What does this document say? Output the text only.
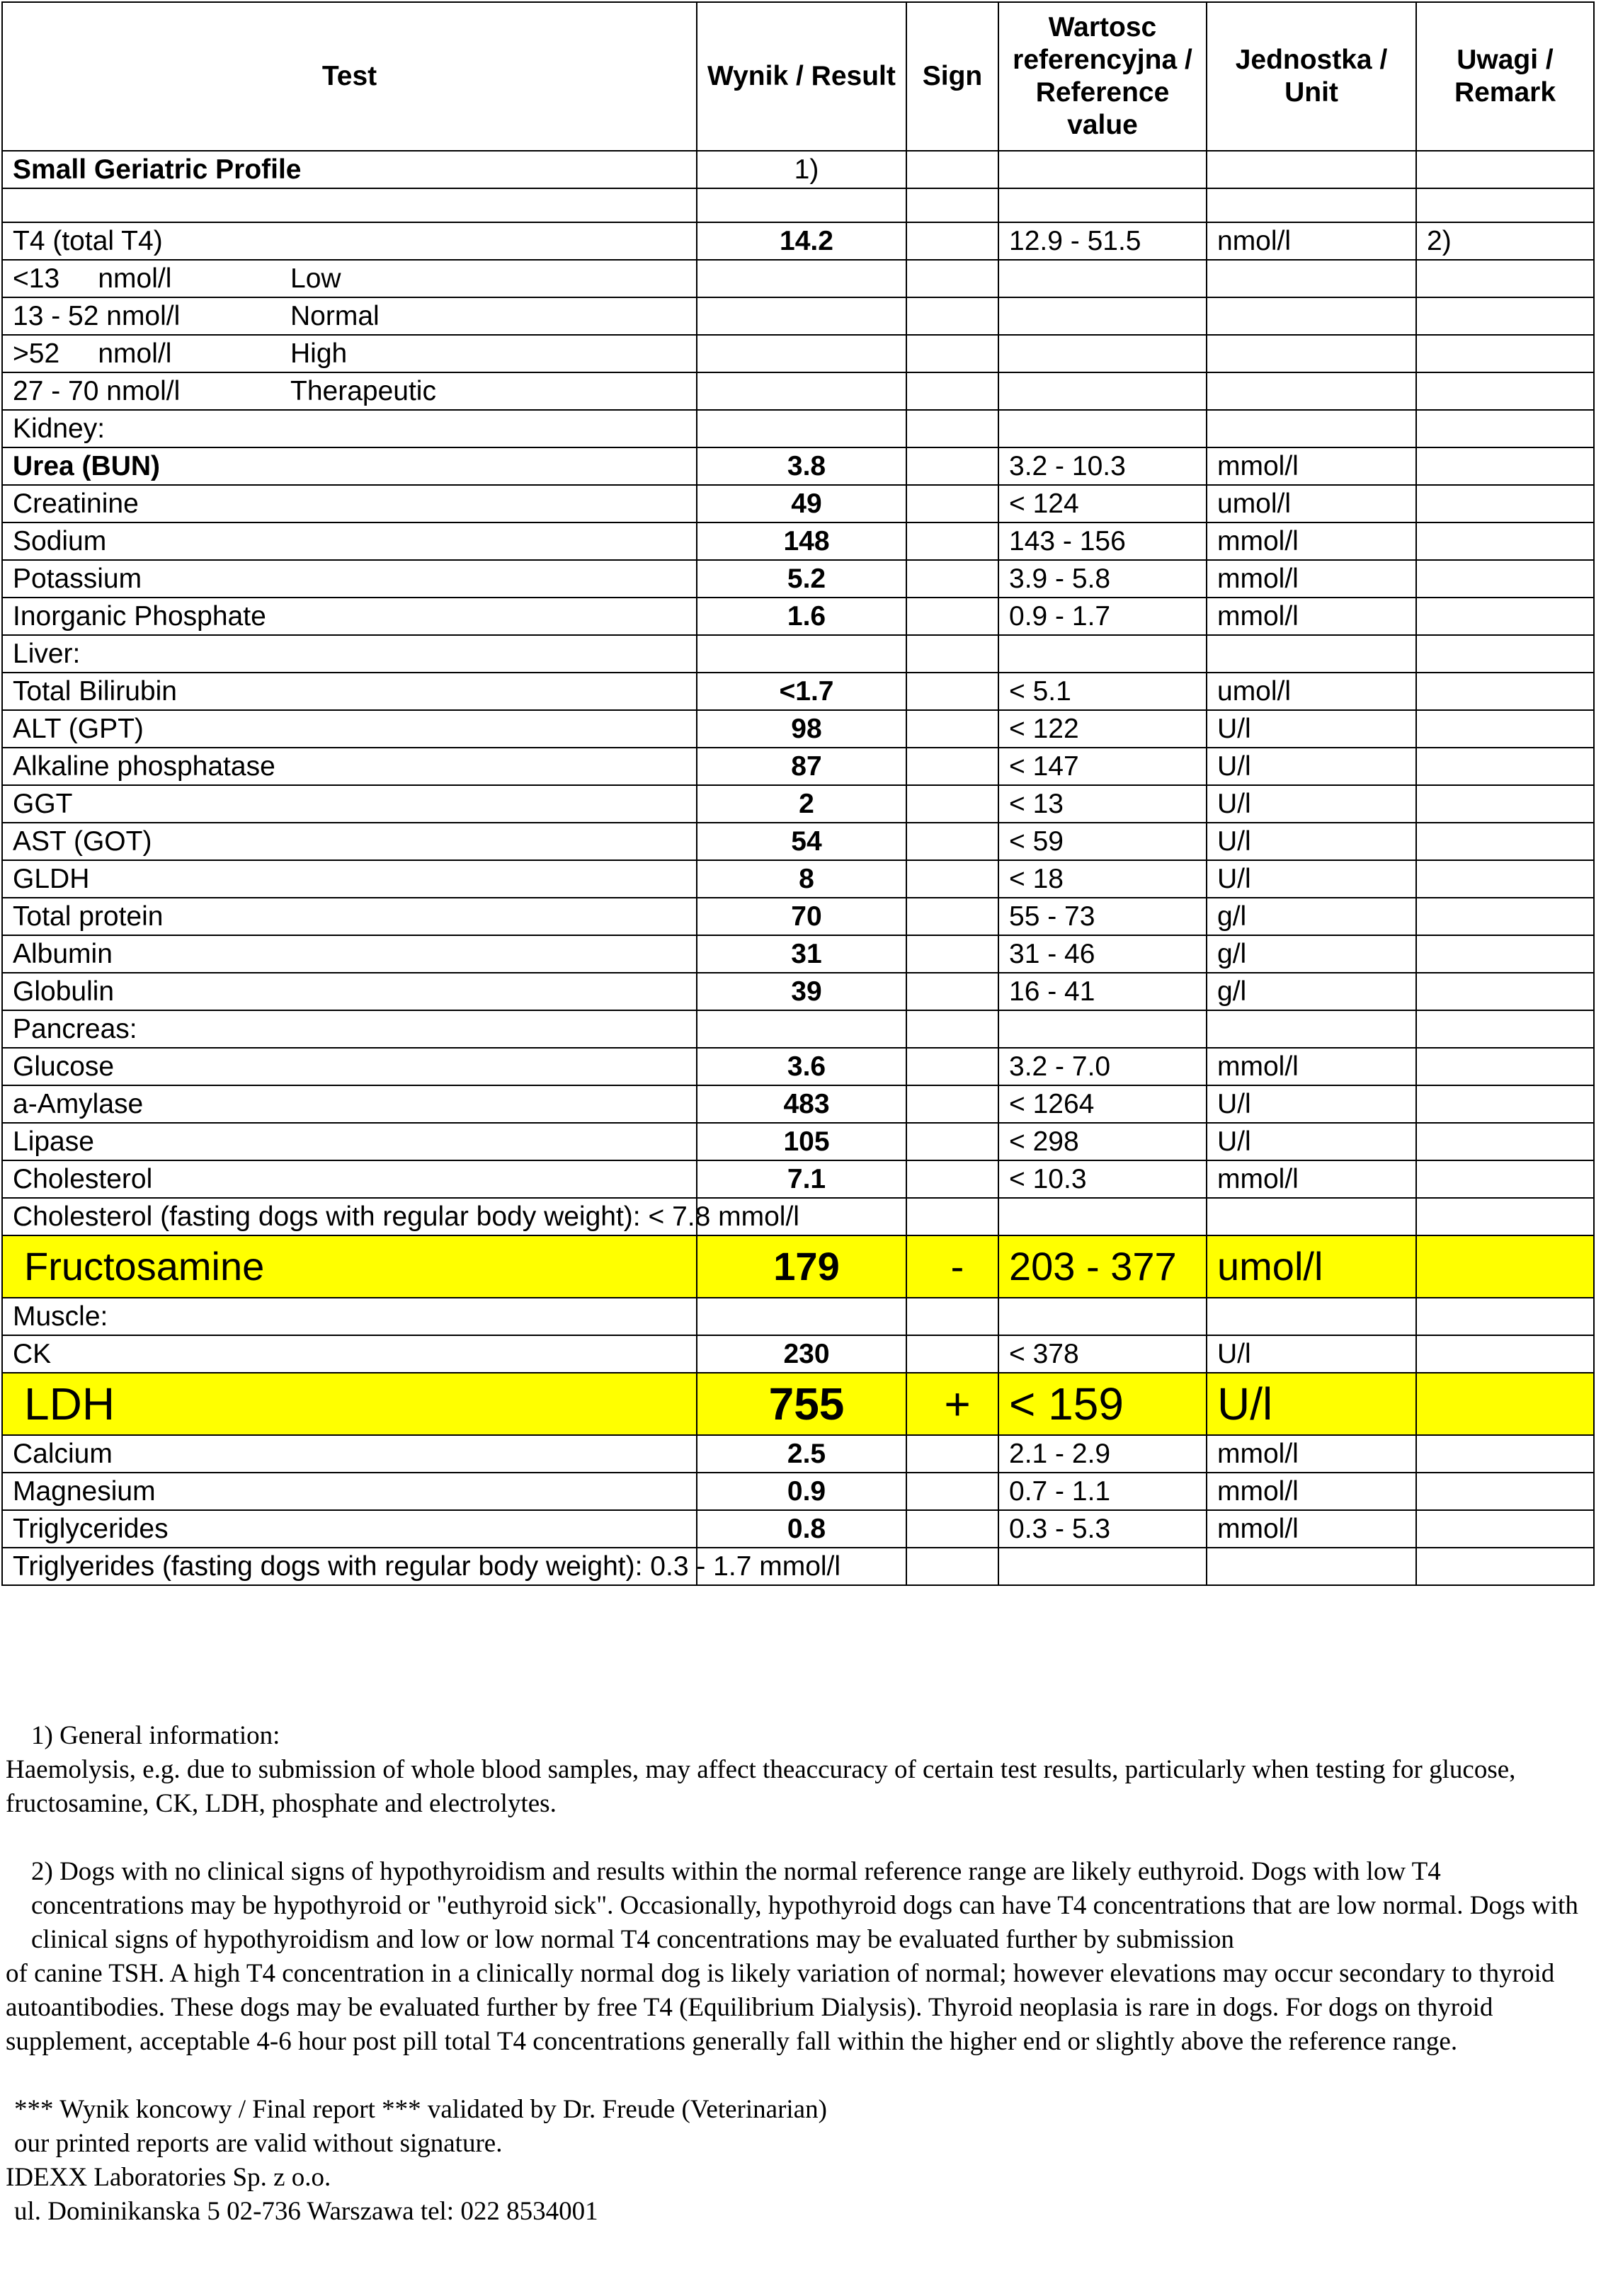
Test	Wynik / Result	Sign	Wartosc referencyjna / Reference value	Jednostka / Unit	Uwagi / Remark
Small Geriatric Profile	1)				

T4 (total T4)	14.2		12.9 - 51.5	nmol/l	2)
<13     nmol/l Low					
13 - 52 nmol/l Normal					
>52     nmol/l High					
27 - 70 nmol/l Therapeutic					
Kidney:					
Urea (BUN)	3.8		3.2 - 10.3	mmol/l	
Creatinine	49		< 124	umol/l	
Sodium	148		143 - 156	mmol/l	
Potassium	5.2		3.9 - 5.8	mmol/l	
Inorganic Phosphate	1.6		0.9 - 1.7	mmol/l	
Liver:					
Total Bilirubin	<1.7		< 5.1	umol/l	
ALT (GPT)	98		< 122	U/l	
Alkaline phosphatase	87		< 147	U/l	
GGT	2		< 13	U/l	
AST (GOT)	54		< 59	U/l	
GLDH	8		< 18	U/l	
Total protein	70		55 - 73	g/l	
Albumin	31		31 - 46	g/l	
Globulin	39		16 - 41	g/l	
Pancreas:					
Glucose	3.6		3.2 - 7.0	mmol/l	
a-Amylase	483		< 1264	U/l	
Lipase	105		< 298	U/l	
Cholesterol	7.1		< 10.3	mmol/l	
Cholesterol (fasting dogs with regular body weight): < 7.8 mmol/l					
Fructosamine	179	-	203 - 377	umol/l	
Muscle:					
CK	230		< 378	U/l	
LDH	755	+	< 159	U/l	
Calcium	2.5		2.1 - 2.9	mmol/l	
Magnesium	0.9		0.7 - 1.1	mmol/l	
Triglycerides	0.8		0.3 - 5.3	mmol/l	
Triglyerides (fasting dogs with regular body weight): 0.3 - 1.7 mmol/l					

1) General information:

Haemolysis, e.g. due to submission of whole blood samples, may affect theaccuracy of certain test results, particularly when testing for glucose, fructosamine, CK, LDH, phosphate and electrolytes.

2) Dogs with no clinical signs of hypothyroidism and results within the normal reference range are likely euthyroid. Dogs with low T4 concentrations may be hypothyroid or "euthyroid sick". Occasionally, hypothyroid dogs can have T4 concentrations that are low normal. Dogs with clinical signs of hypothyroidism and low or low normal T4 concentrations may be evaluated further by submission

of canine TSH. A high T4 concentration in a clinically normal dog is likely variation of normal; however elevations may occur secondary to thyroid autoantibodies. These dogs may be evaluated further by free T4 (Equilibrium Dialysis). Thyroid neoplasia is rare in dogs. For dogs on thyroid supplement, acceptable 4-6 hour post pill total T4 concentrations generally fall within the higher end or slightly above the reference range.

*** Wynik koncowy / Final report *** validated by Dr. Freude (Veterinarian)

our printed reports are valid without signature.

IDEXX Laboratories Sp. z o.o.

ul. Dominikanska 5 02-736 Warszawa tel: 022 8534001
